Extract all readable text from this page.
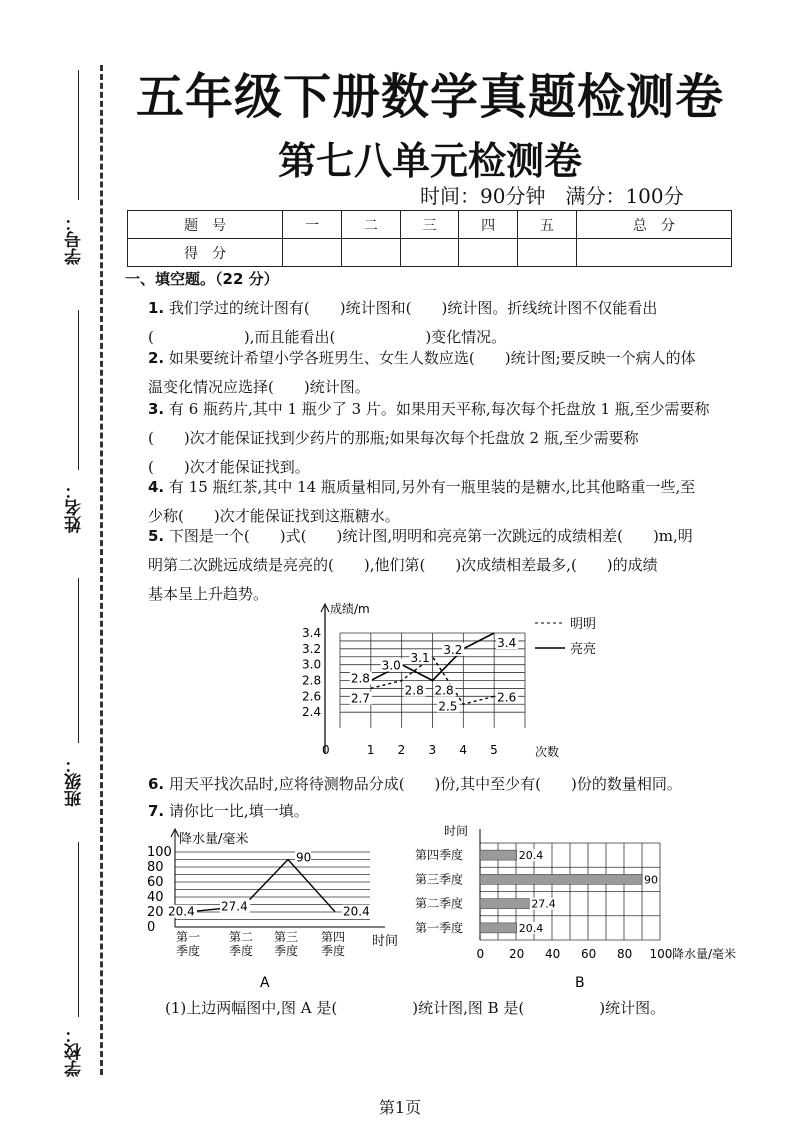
学号：
姓名：
班级：
学校：
五年级下册数学真题检测卷
第七八单元检测卷
时间：90分钟　满分：100分
题　号	一	二	三	四	五	总　分
得　分						
一、填空题。（22 分）
1. 我们学过的统计图有(　　)统计图和(　　)统计图。折线统计图不仅能看出
(　　　　　　),而且能看出(　　　　　　)变化情况。
2. 如果要统计希望小学各班男生、女生人数应选(　　)统计图;要反映一个病人的体
温变化情况应选择(　　)统计图。
3. 有 6 瓶药片,其中 1 瓶少了 3 片。如果用天平称,每次每个托盘放 1 瓶,至少需要称
(　　)次才能保证找到少药片的那瓶;如果每次每个托盘放 2 瓶,至少需要称
(　　)次才能保证找到。
4. 有 15 瓶红茶,其中 14 瓶质量相同,另外有一瓶里装的是糖水,比其他略重一些,至
少称(　　)次才能保证找到这瓶糖水。
5. 下图是一个(　　)式(　　)统计图,明明和亮亮第一次跳远的成绩相差(　　)m,明
明第二次跳远成绩是亮亮的(　　),他们第(　　)次成绩相差最多,(　　)的成绩
基本呈上升趋势。
成绩/m
3.4
3.2
3.0
2.8
2.6
2.4
0	1 2 3 4 5	次数
2.8
2.7
3.0
2.8
3.1
2.8
2.5
3.2
2.6
3.4
明明
亮亮
6. 用天平找次品时,应将待测物品分成(　　)份,其中至少有(　　)份的数量相同。
7. 请你比一比,填一填。
降水量/毫米
100
80
60
40
20
0
20.4 27.4
90
20.4
第一
季度
第二
季度
第三
季度
第四
季度
时间
A
时间
第四季度	20.4
第三季度	90
第二季度	27.4
第一季度	20.4
0 20 40 60 80 100 降水量/毫米
B
(1)上边两幅图中,图 A 是(　　　　　)统计图,图 B 是(　　　　　)统计图。
第1页
